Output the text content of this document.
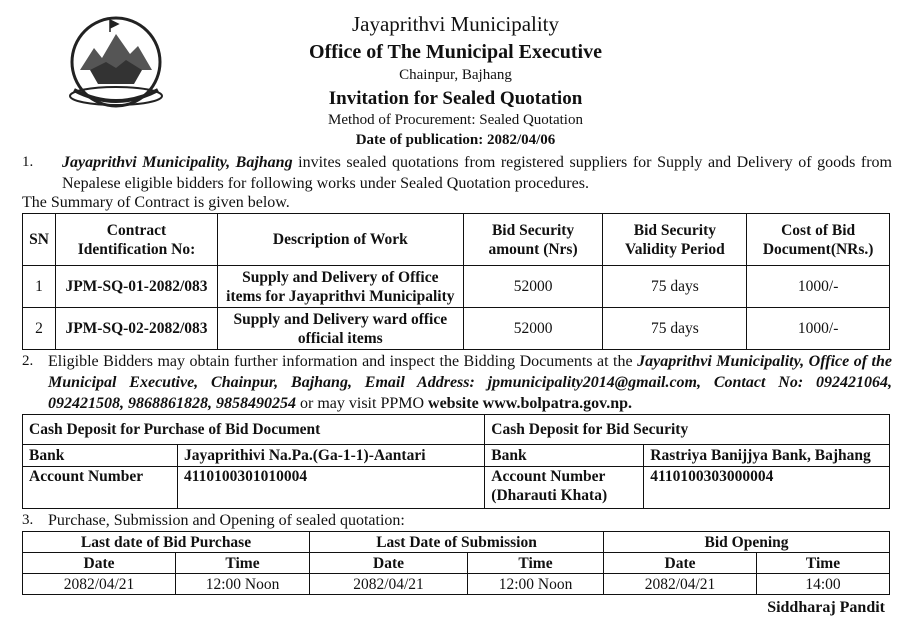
Jayaprithvi Municipality
Office of The Municipal Executive
Chainpur, Bajhang
Invitation for Sealed Quotation
Method of Procurement: Sealed Quotation
Date of publication: 2082/04/06
1. Jayaprithvi Municipality, Bajhang invites sealed quotations from registered suppliers for Supply and Delivery of goods from Nepalese eligible bidders for following works under Sealed Quotation procedures.
The Summary of Contract is given below.
SN	Contract Identification No:	Description of Work	Bid Security amount (Nrs)	Bid Security Validity Period	Cost of Bid Document(NRs.)
1	JPM-SQ-01-2082/083	Supply and Delivery of Office items for Jayaprithvi Municipality	52000	75 days	1000/-
2	JPM-SQ-02-2082/083	Supply and Delivery ward office official items	52000	75 days	1000/-
2. Eligible Bidders may obtain further information and inspect the Bidding Documents at the Jayaprithvi Municipality, Office of the Municipal Executive, Chainpur, Bajhang, Email Address: jpmunicipality2014@gmail.com, Contact No: 092421064, 092421508, 9868861828, 9858490254 or may visit PPMO website www.bolpatra.gov.np.
Cash Deposit for Purchase of Bid Document		Cash Deposit for Bid Security	
Bank	Jayaprithivi Na.Pa.(Ga-1-1)-Aantari	Bank	Rastriya Banijjya Bank, Bajhang
Account Number	4110100301010004	Account Number (Dharauti Khata)	4110100303000004
3. Purchase, Submission and Opening of sealed quotation:
Last date of Bid Purchase		Last Date of Submission		Bid Opening	
Date	Time	Date	Time	Date	Time
2082/04/21	12:00 Noon	2082/04/21	12:00 Noon	2082/04/21	14:00
Siddharaj Pandit
